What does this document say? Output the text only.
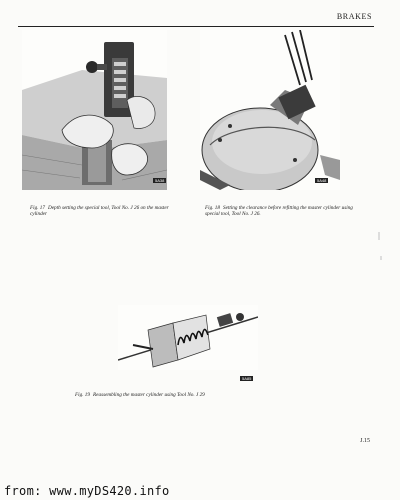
BRAKES
5A38
Fig. 17 Depth setting the special tool, Tool No. J 26 on the master cylinder
5A48
Fig. 18 Setting the clearance before refitting the master cylinder using special tool, Tool No. J 26.
5A85
Fig. 19 Reassembling the master cylinder using Tool No. J 29
J.15
from: www.myDS420.info
